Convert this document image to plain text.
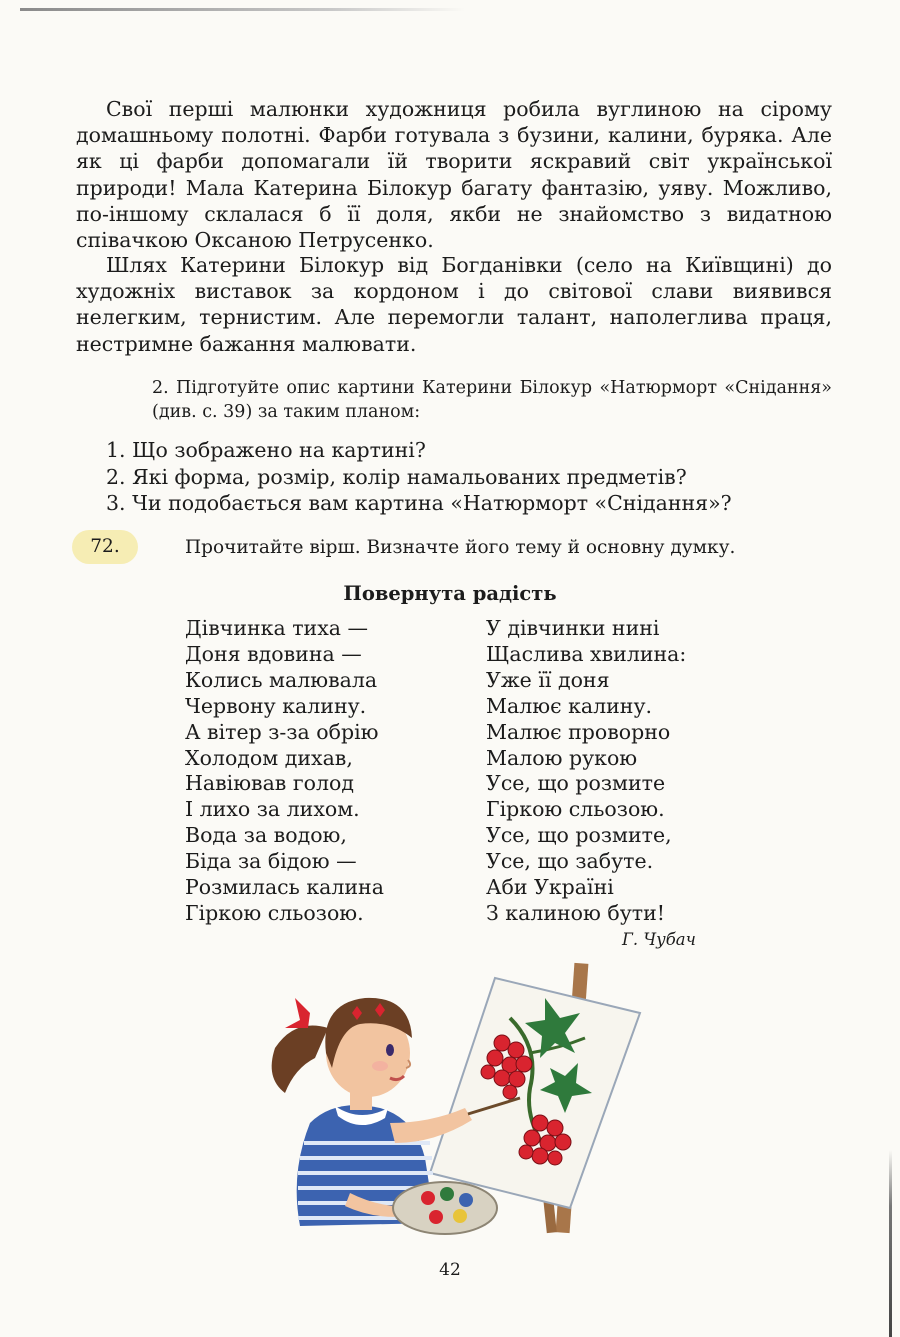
Свої перші малюнки художниця робила вуглиною на сірому домашньому полотні. Фарби готувала з бузини, калини, буряка. Але як ці фарби допомагали їй творити яскравий світ української природи! Мала Катерина Білокур багату фантазію, уяву. Можливо, по-іншому склалася б її доля, якби не знайомство з видатною співачкою Оксаною Петрусенко.

Шлях Катерини Білокур від Богданівки (село на Київщині) до художніх виставок за кордоном і до світової слави виявився нелегким, тернистим. Але перемогли талант, наполеглива праця, нестримне бажання малювати.

2. Підготуйте опис картини Катерини Білокур «Натюрморт «Снідання» (див. с. 39) за таким планом:

1. Що зображено на картині?
2. Які форма, розмір, колір намальованих предметів?
3. Чи подобається вам картина «Натюрморт «Снідання»?
72.	Прочитайте вірш. Визначте його тему й основну думку.
Повернута радість
Дівчинка тиха —
Доня вдовина —
Колись малювала
Червону калину.
А вітер з-за обрію
Холодом дихав,
Навіював голод
І лихо за лихом.
Вода за водою,
Біда за бідою —
Розмилась калина
Гіркою сльозою.
У дівчинки нині
Щаслива хвилина:
Уже її доня
Малює калину.
Малює проворно
Малою рукою
Усе, що розмите
Гіркою сльозою.
Усе, що розмите,
Усе, що забуте.
Аби Україні
З калиною бути!
Г. Чубач
42
